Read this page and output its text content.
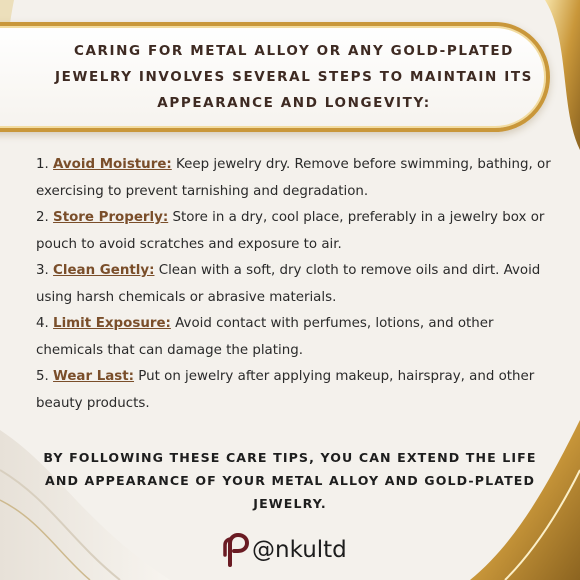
CARING FOR METAL ALLOY OR ANY GOLD-PLATED JEWELRY INVOLVES SEVERAL STEPS TO MAINTAIN ITS APPEARANCE AND LONGEVITY:
1. Avoid Moisture: Keep jewelry dry. Remove before swimming, bathing, or exercising to prevent tarnishing and degradation.
2. Store Properly: Store in a dry, cool place, preferably in a jewelry box or pouch to avoid scratches and exposure to air.
3. Clean Gently: Clean with a soft, dry cloth to remove oils and dirt. Avoid using harsh chemicals or abrasive materials.
4. Limit Exposure: Avoid contact with perfumes, lotions, and other chemicals that can damage the plating.
5. Wear Last: Put on jewelry after applying makeup, hairspray, and other beauty products.

BY FOLLOWING THESE CARE TIPS, YOU CAN EXTEND THE LIFE AND APPEARANCE OF YOUR METAL ALLOY AND GOLD-PLATED JEWELRY.

@nkultd
